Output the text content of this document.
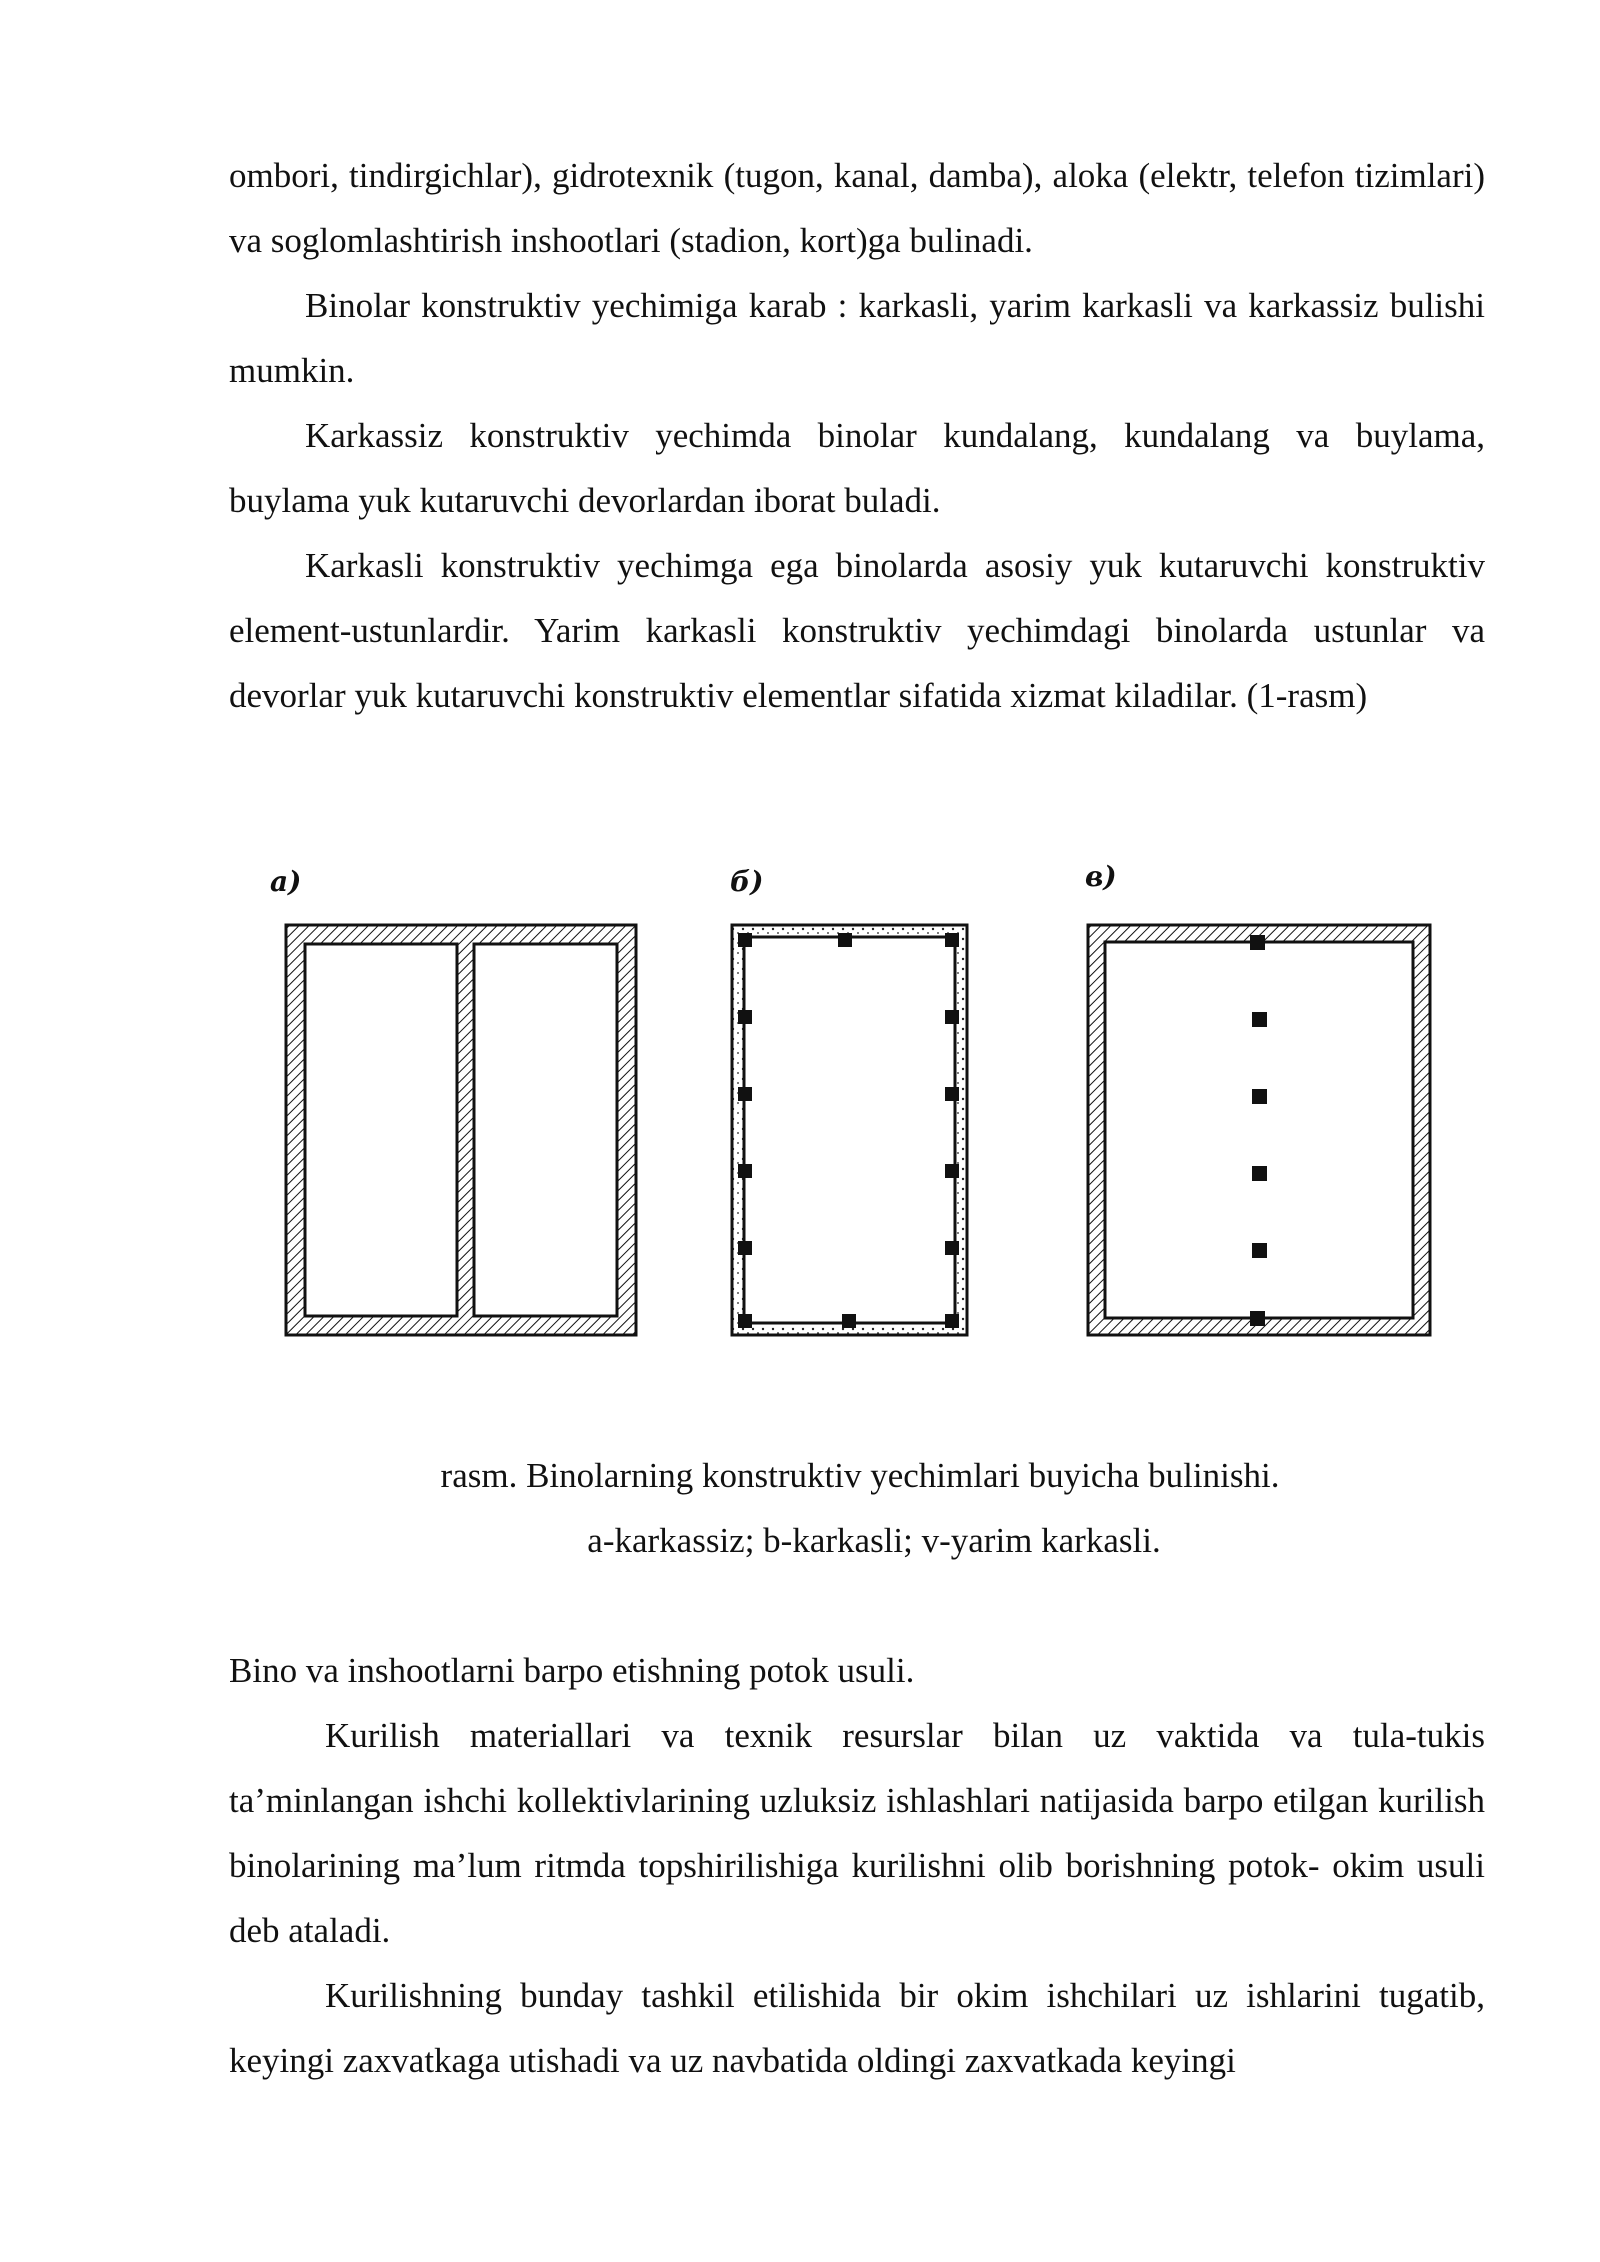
ombori, tindirgichlar), gidrotexnik (tugon, kanal, damba), aloka (elektr, telefon tizimlari) va soglomlashtirish inshootlari (stadion, kort)ga bulinadi.

Binolar konstruktiv yechimiga karab : karkasli, yarim karkasli va karkassiz bulishi mumkin.

Karkassiz konstruktiv yechimda binolar kundalang, kundalang va buylama, buylama yuk kutaruvchi devorlardan iborat buladi.

Karkasli konstruktiv yechimga ega binolarda asosiy yuk kutaruvchi konstruktiv element-ustunlardir. Yarim karkasli konstruktiv yechimdagi binolarda ustunlar va devorlar yuk kutaruvchi konstruktiv elementlar sifatida xizmat kiladilar. (1-rasm)

а)	б)	в)
rasm. Binolarning konstruktiv yechimlari buyicha bulinishi.
a-karkassiz; b-karkasli; v-yarim karkasli.

Bino va inshootlarni barpo etishning potok usuli.

Kurilish materiallari va texnik resurslar bilan uz vaktida va tula-tukis ta’minlangan ishchi kollektivlarining uzluksiz ishlashlari natijasida barpo etilgan kurilish binolarining ma’lum ritmda topshirilishiga kurilishni olib borishning potok- okim usuli deb ataladi.

Kurilishning bunday tashkil etilishida bir okim ishchilari uz ishlarini tugatib, keyingi zaxvatkaga utishadi va uz navbatida oldingi zaxvatkada keyingi
